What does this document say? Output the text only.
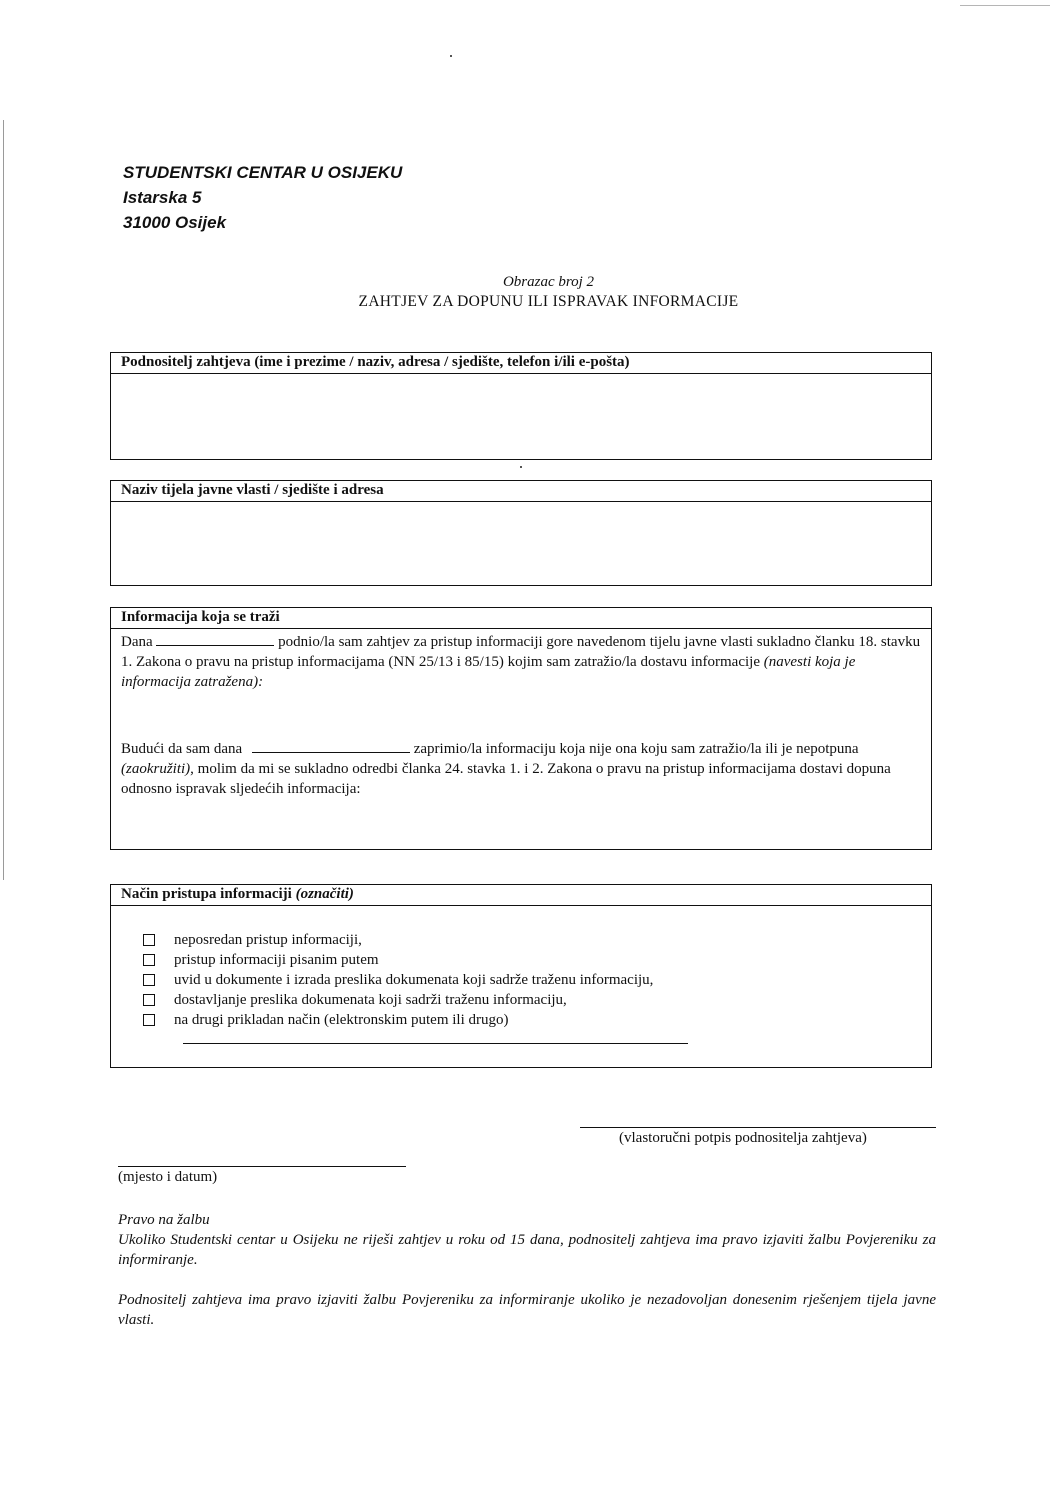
STUDENTSKI CENTAR U OSIJEKU
Istarska 5
31000 Osijek
Obrazac broj 2
ZAHTJEV ZA DOPUNU ILI ISPRAVAK INFORMACIJE
Podnositelj zahtjeva (ime i prezime / naziv, adresa / sjedište, telefon i/ili e-pošta)
Naziv tijela javne vlasti / sjedište i adresa
Informacija koja se traži
Dana	podnio/la sam zahtjev za pristup informaciji gore navedenom tijelu javne vlasti sukladno članku 18. stavku 1. Zakona o pravu na pristup informacijama (NN 25/13 i 85/15) kojim sam zatražio/la dostavu informacije (navesti koja je informacija zatražena):
Budući da sam dana	zaprimio/la informaciju koja nije ona koju sam zatražio/la ili je nepotpuna (zaokružiti), molim da mi se sukladno odredbi članka 24. stavka 1. i 2. Zakona o pravu na pristup informacijama dostavi dopuna odnosno ispravak sljedećih informacija:
Način pristupa informaciji (označiti)
neposredan pristup informaciji,
pristup informaciji pisanim putem
uvid u dokumente i izrada preslika dokumenata koji sadrže traženu informaciju,
dostavljanje preslika dokumenata koji sadrži traženu informaciju,
na drugi prikladan način (elektronskim putem ili drugo)
(vlastoručni potpis podnositelja zahtjeva)
(mjesto i datum)

Pravo na žalbu

Ukoliko Studentski centar u Osijeku ne riješi zahtjev u roku od 15 dana, podnositelj zahtjeva ima pravo izjaviti žalbu Povjereniku za informiranje.

Podnositelj zahtjeva ima pravo izjaviti žalbu Povjereniku za informiranje ukoliko je nezadovoljan donesenim rješenjem tijela javne vlasti.
